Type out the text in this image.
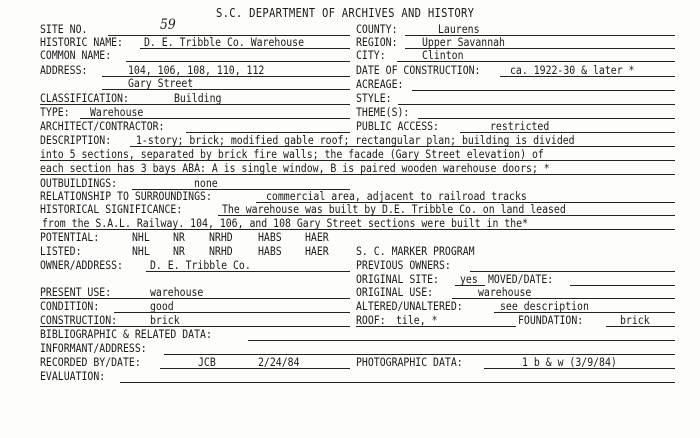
S.C. DEPARTMENT OF ARCHIVES AND HISTORY
SITE NO.	59	COUNTY:	Laurens
HISTORIC NAME: D. E. Tribble Co. Warehouse	REGION: Upper Savannah
COMMON NAME:	CITY:	Clinton
ADDRESS:	104, 106, 108, 110, 112
Gary Street
DATE OF CONSTRUCTION:	ca. 1922-30 & later *
ACREAGE:
CLASSIFICATION:	Building	STYLE:
TYPE: Warehouse	THEME(S):
ARCHITECT/CONTRACTOR:	PUBLIC ACCESS:	restricted
DESCRIPTION: 1-story; brick; modified gable roof; rectangular plan; building is divided
into 5 sections, separated by brick fire walls; the facade (Gary Street elevation) of
each section has 3 bays ABA: A is single window, B is paired wooden warehouse doors; *
OUTBUILDINGS:	none
RELATIONSHIP TO SURROUNDINGS:	commercial area, adjacent to railroad tracks
HISTORICAL SIGNIFICANCE:	The warehouse was built by D.E. Tribble Co. on land leased
from the S.A.L. Railway. 104, 106, and 108 Gary Street sections were built in the*
POTENTIAL:	NHL NR NRHD HABS HAER
LISTED:	NHL NR NRHD HABS HAER S. C. MARKER PROGRAM
OWNER/ADDRESS: D. E. Tribble Co.	PREVIOUS OWNERS:
ORIGINAL SITE: yes MOVED/DATE:
PRESENT USE:	warehouse	ORIGINAL USE:	warehouse
CONDITION:	good	ALTERED/UNALTERED:	see description
CONSTRUCTION:	brick	ROOF: tile, *	FOUNDATION:	brick
BIBLIOGRAPHIC & RELATED DATA:
INFORMANT/ADDRESS:
RECORDED BY/DATE:	JCB	2/24/84	PHOTOGRAPHIC DATA:	1 b & w (3/9/84)
EVALUATION:
